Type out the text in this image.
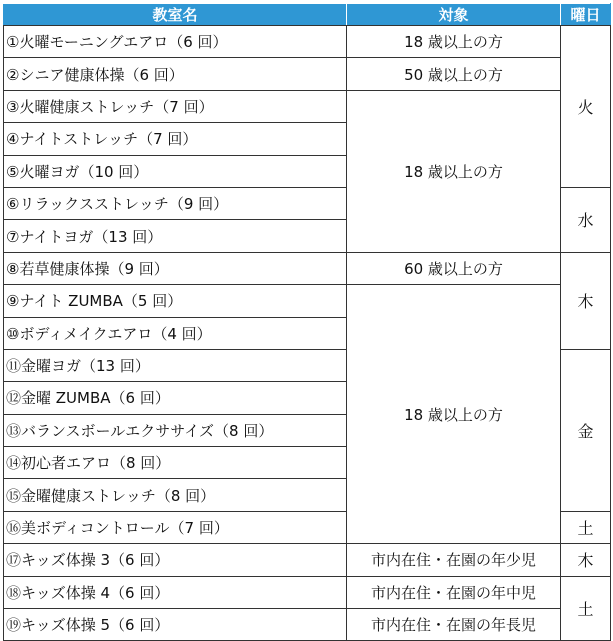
教室名	対象	曜日
①火曜モーニングエアロ（6 回）	18 歳以上の方	火
②シニア健康体操（6 回）	50 歳以上の方	
③火曜健康ストレッチ（7 回）	18 歳以上の方	
④ナイトストレッチ（7 回）		
⑤火曜ヨガ（10 回）		
⑥リラックスストレッチ（9 回）		水
⑦ナイトヨガ（13 回）		
⑧若草健康体操（9 回）	60 歳以上の方	木
⑨ナイト ZUMBA（5 回）	18 歳以上の方	
⑩ボディメイクエアロ（4 回）		
⑪金曜ヨガ（13 回）		金
⑫金曜 ZUMBA（6 回）		
⑬バランスボールエクササイズ（8 回）		
⑭初心者エアロ（8 回）		
⑮金曜健康ストレッチ（8 回）		
⑯美ボディコントロール（7 回）		土
⑰キッズ体操 3（6 回）	市内在住・在園の年少児	木
⑱キッズ体操 4（6 回）	市内在住・在園の年中児	土
⑲キッズ体操 5（6 回）	市内在住・在園の年長児	
